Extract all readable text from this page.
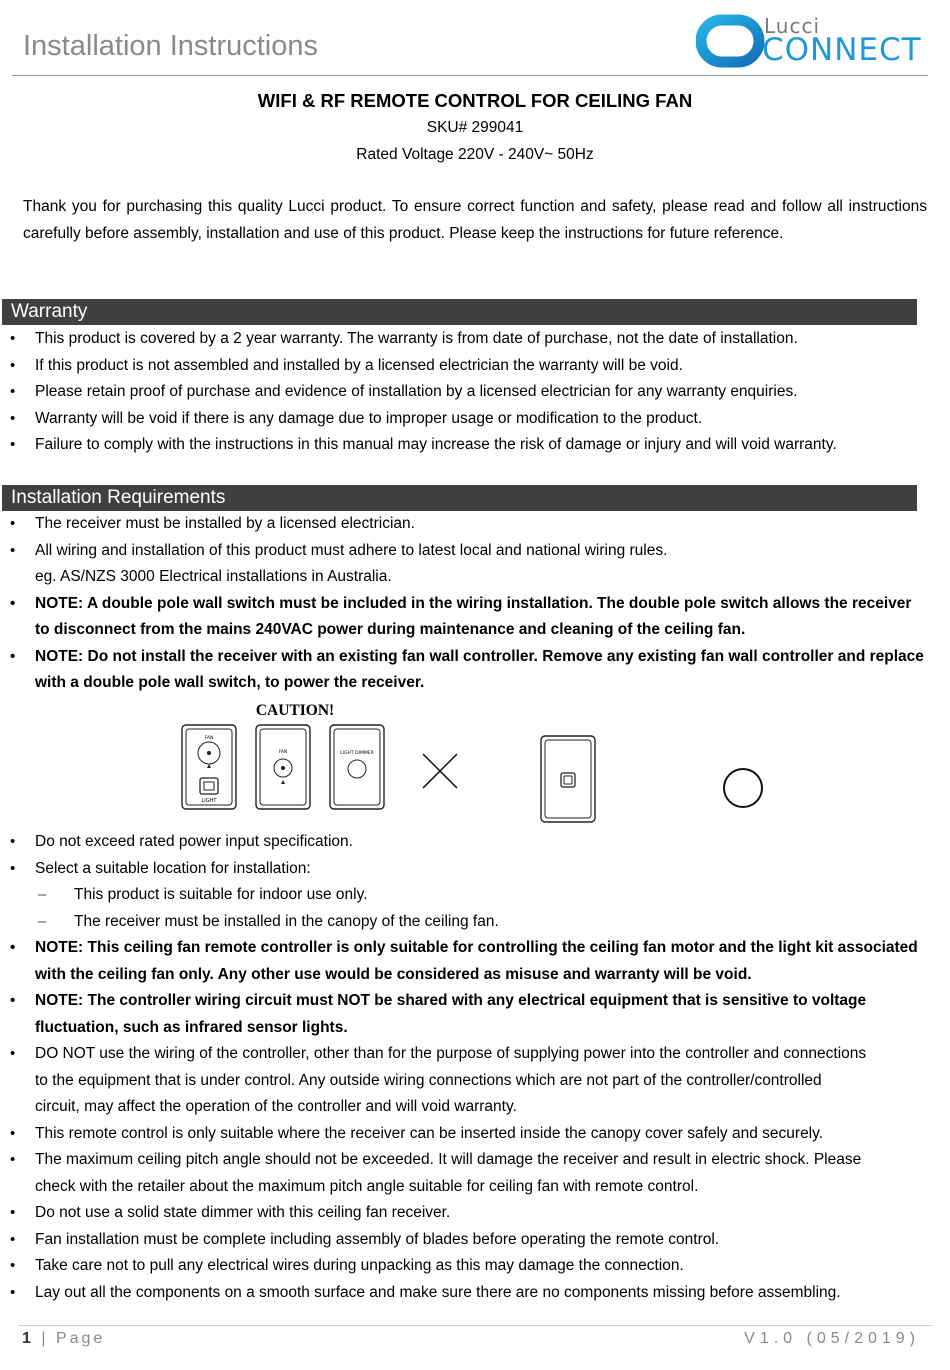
Installation Instructions
Lucci
CONNECT
WIFI & RF REMOTE CONTROL FOR CEILING FAN
SKU# 299041
Rated Voltage 220V - 240V~ 50Hz
Thank you for purchasing this quality Lucci product. To ensure correct function and safety, please read and follow all instructions carefully before assembly, installation and use of this product. Please keep the instructions for future reference.
Warranty
• This product is covered by a 2 year warranty. The warranty is from date of purchase, not the date of installation.
• If this product is not assembled and installed by a licensed electrician the warranty will be void.
• Please retain proof of purchase and evidence of installation by a licensed electrician for any warranty enquiries.
• Warranty will be void if there is any damage due to improper usage or modification to the product.
• Failure to comply with the instructions in this manual may increase the risk of damage or injury and will void warranty.
Installation Requirements
• The receiver must be installed by a licensed electrician.
• All wiring and installation of this product must adhere to latest local and national wiring rules.
eg. AS/NZS 3000 Electrical installations in Australia.
• NOTE: A double pole wall switch must be included in the wiring installation. The double pole switch allows the receiver to disconnect from the mains 240VAC power during maintenance and cleaning of the ceiling fan.
• NOTE: Do not install the receiver with an existing fan wall controller. Remove any existing fan wall controller and replace with a double pole wall switch, to power the receiver.
CAUTION!
FAN
LIGHT
FAN	LIGHT DIMMER
• Do not exceed rated power input specification.
• Select a suitable location for installation:
– This product is suitable for indoor use only.
– The receiver must be installed in the canopy of the ceiling fan.
• NOTE: This ceiling fan remote controller is only suitable for controlling the ceiling fan motor and the light kit associated with the ceiling fan only. Any other use would be considered as misuse and warranty will be void.
• NOTE: The controller wiring circuit must NOT be shared with any electrical equipment that is sensitive to voltage fluctuation, such as infrared sensor lights.
• DO NOT use the wiring of the controller, other than for the purpose of supplying power into the controller and connections to the equipment that is under control. Any outside wiring connections which are not part of the controller/controlled circuit, may affect the operation of the controller and will void warranty.
• This remote control is only suitable where the receiver can be inserted inside the canopy cover safely and securely.
• The maximum ceiling pitch angle should not be exceeded. It will damage the receiver and result in electric shock. Please check with the retailer about the maximum pitch angle suitable for ceiling fan with remote control.
• Do not use a solid state dimmer with this ceiling fan receiver.
• Fan installation must be complete including assembly of blades before operating the remote control.
• Take care not to pull any electrical wires during unpacking as this may damage the connection.
• Lay out all the components on a smooth surface and make sure there are no components missing before assembling.
1 | Page	V1.0 (05/2019)
